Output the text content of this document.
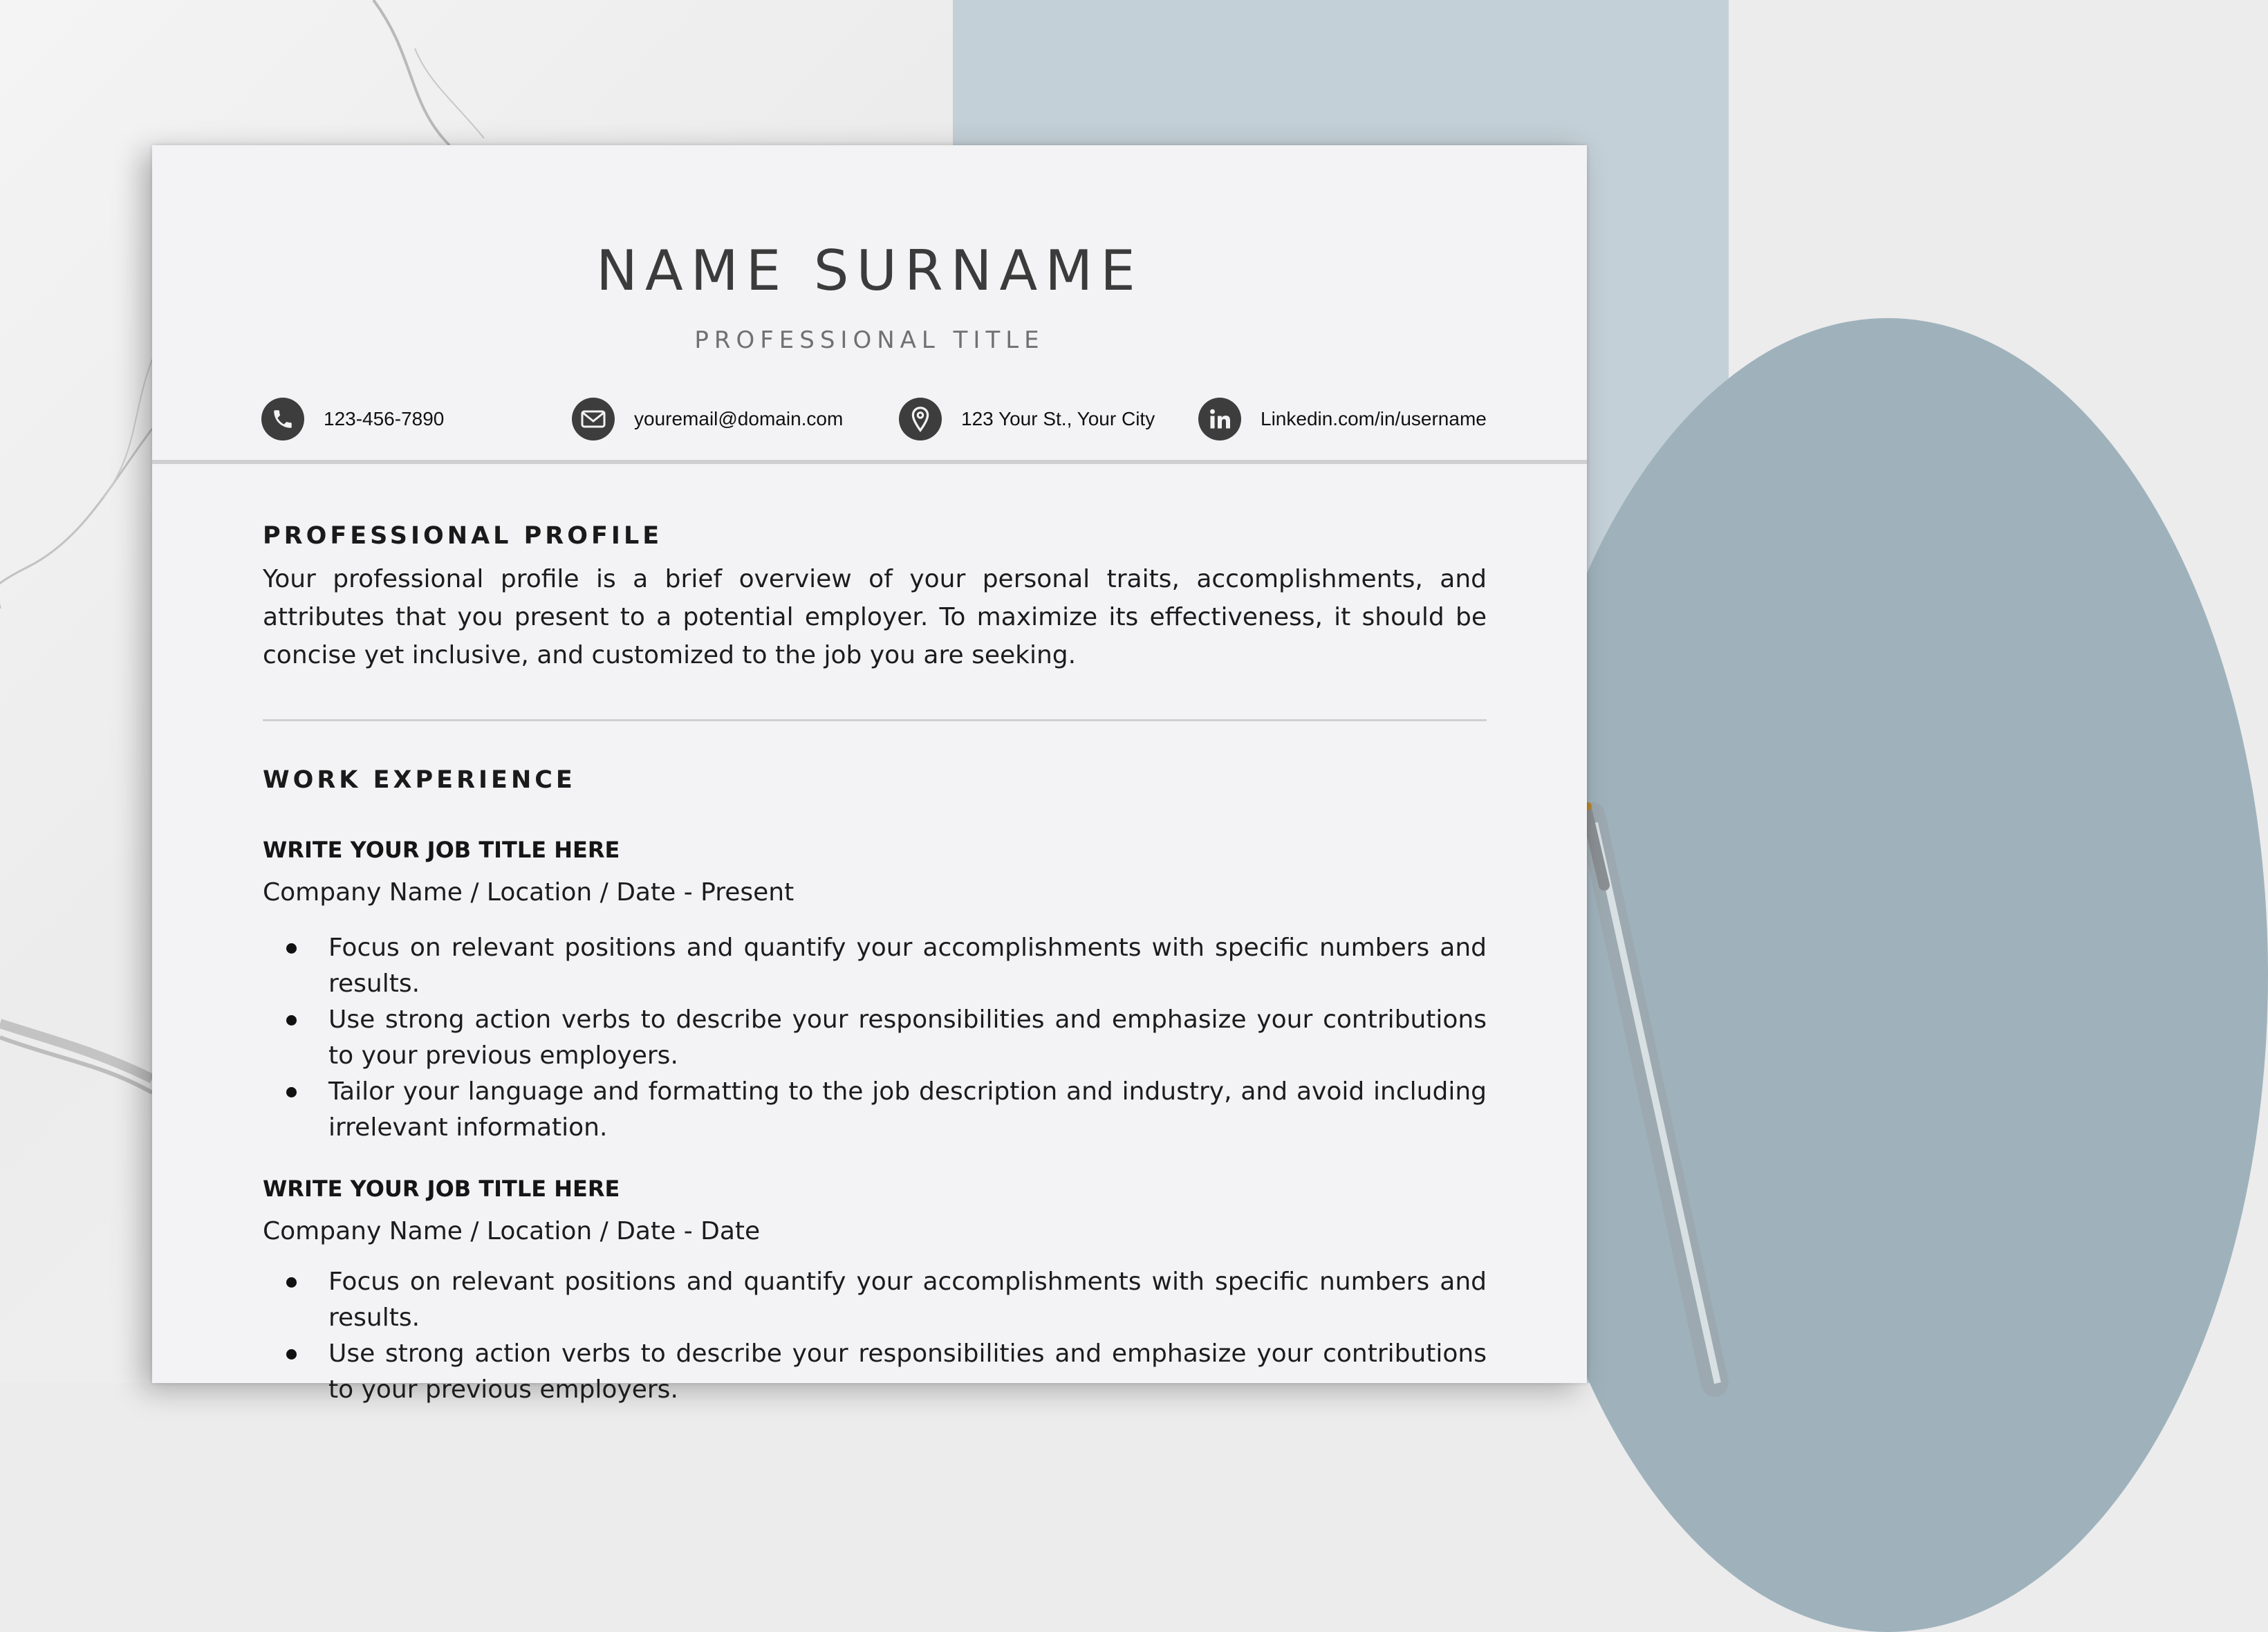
NAME SURNAME
PROFESSIONAL TITLE
123-456-7890	youremail@domain.com	123 Your St., Your City	Linkedin.com/in/username
PROFESSIONAL PROFILE

Your professional profile is a brief overview of your personal traits, accomplishments, and attributes that you present to a potential employer. To maximize its effectiveness, it should be concise yet inclusive, and customized to the job you are seeking.

WORK EXPERIENCE
WRITE YOUR JOB TITLE HERE
Company Name / Location / Date - Present
Focus on relevant positions and quantify your accomplishments with specific numbers and results.
Use strong action verbs to describe your responsibilities and emphasize your contributions to your previous employers.
Tailor your language and formatting to the job description and industry, and avoid including irrelevant information.
WRITE YOUR JOB TITLE HERE
Company Name / Location / Date - Date
Focus on relevant positions and quantify your accomplishments with specific numbers and results.
Use strong action verbs to describe your responsibilities and emphasize your contributions to your previous employers.
